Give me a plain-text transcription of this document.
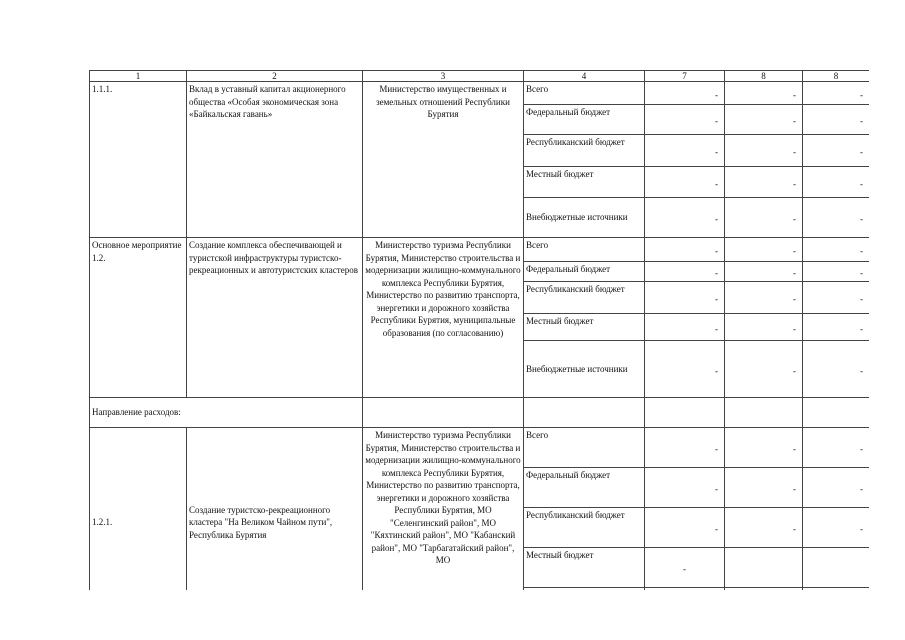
1	2	3	4	7	8	8
1.1.1.	Вклад в уставный капитал акционерного общества «Особая экономическая зона «Байкальская гавань»	Министерство имущественных и земельных отношений Республики Бурятия	Всего	-	-	-
			Федеральный бюджет	-	-	-
			Республиканский бюджет	-	-	-
			Местный бюджет	-	-	-
			Внебюджетные источники	-	-	-
Основное мероприятие 1.2.	Создание комплекса обеспечивающей и туристской инфраструктуры туристско-рекреационных и автотуристских кластеров	Министерство туризма Республики Бурятия, Министерство строительства и модернизации жилищно-коммунального комплекса Республики Бурятия, Министерство по развитию транспорта, энергетики и дорожного хозяйства Республики Бурятия, муниципальные образования (по согласованию)	Всего	-	-	-
			Федеральный бюджет	-	-	-
			Республиканский бюджет	-	-	-
			Местный бюджет	-	-	-
			Внебюджетные источники	-	-	-
Направление расходов:						
1.2.1.	Создание туристско-рекреационного кластера "На Великом Чайном пути", Республика Бурятия	Министерство туризма Республики Бурятия, Министерство строительства и модернизации жилищно-коммунального комплекса Республики Бурятия, Министерство по развитию транспорта, энергетики и дорожного хозяйства Республики Бурятия, МО "Селенгинский район", МО "Кяхтинский район", МО "Кабанский район", МО "Тарбагатайский район", МО	Всего	-	-	-
			Федеральный бюджет	-	-	-
			Республиканский бюджет	-	-	-
			Местный бюджет	-		
